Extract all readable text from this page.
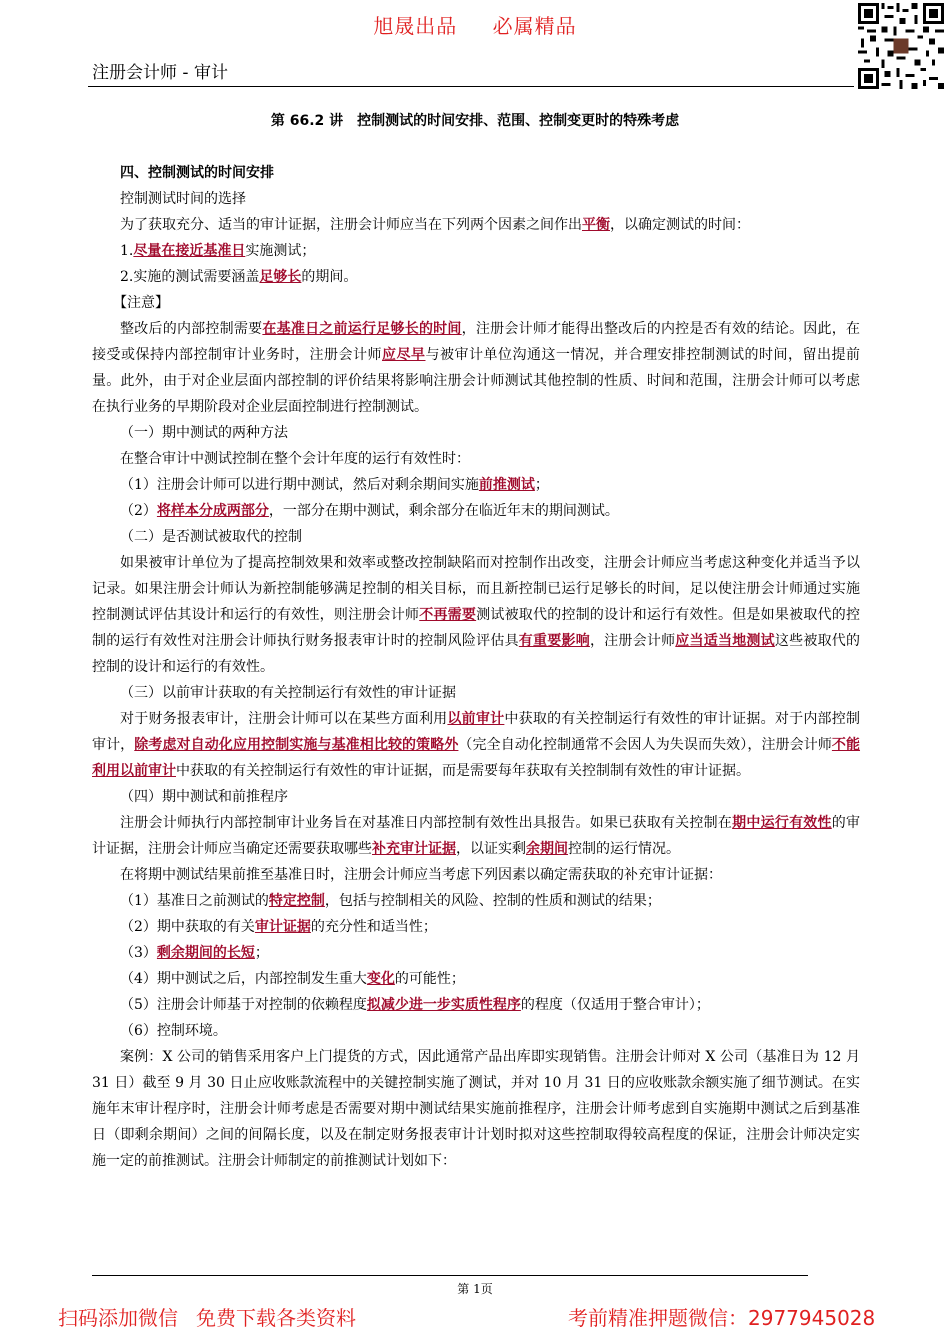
旭晟出品 必属精品
注册会计师 - 审计
第 66.2 讲　控制测试的时间安排、范围、控制变更时的特殊考虑

四、控制测试的时间安排

控制测试时间的选择

为了获取充分、适当的审计证据，注册会计师应当在下列两个因素之间作出平衡，以确定测试的时间：

1.尽量在接近基准日实施测试；

2.实施的测试需要涵盖足够长的期间。

【注意】

整改后的内部控制需要在基准日之前运行足够长的时间，注册会计师才能得出整改后的内控是否有效的结论。因此，在接受或保持内部控制审计业务时，注册会计师应尽早与被审计单位沟通这一情况，并合理安排控制测试的时间，留出提前量。此外，由于对企业层面内部控制的评价结果将影响注册会计师测试其他控制的性质、时间和范围，注册会计师可以考虑在执行业务的早期阶段对企业层面控制进行控制测试。

（一）期中测试的两种方法

在整合审计中测试控制在整个会计年度的运行有效性时：

（1）注册会计师可以进行期中测试，然后对剩余期间实施前推测试；

（2）将样本分成两部分，一部分在期中测试，剩余部分在临近年末的期间测试。

（二）是否测试被取代的控制

如果被审计单位为了提高控制效果和效率或整改控制缺陷而对控制作出改变，注册会计师应当考虑这种变化并适当予以记录。如果注册会计师认为新控制能够满足控制的相关目标，而且新控制已运行足够长的时间，足以使注册会计师通过实施控制测试评估其设计和运行的有效性，则注册会计师不再需要测试被取代的控制的设计和运行有效性。但是如果被取代的控制的运行有效性对注册会计师执行财务报表审计时的控制风险评估具有重要影响，注册会计师应当适当地测试这些被取代的控制的设计和运行的有效性。

（三）以前审计获取的有关控制运行有效性的审计证据

对于财务报表审计，注册会计师可以在某些方面利用以前审计中获取的有关控制运行有效性的审计证据。对于内部控制审计，除考虑对自动化应用控制实施与基准相比较的策略外（完全自动化控制通常不会因人为失误而失效），注册会计师不能利用以前审计中获取的有关控制运行有效性的审计证据，而是需要每年获取有关控制制有效性的审计证据。

（四）期中测试和前推程序

注册会计师执行内部控制审计业务旨在对基准日内部控制有效性出具报告。如果已获取有关控制在期中运行有效性的审计证据，注册会计师应当确定还需要获取哪些补充审计证据，以证实剩余期间控制的运行情况。

在将期中测试结果前推至基准日时，注册会计师应当考虑下列因素以确定需获取的补充审计证据：

（1）基准日之前测试的特定控制，包括与控制相关的风险、控制的性质和测试的结果；

（2）期中获取的有关审计证据的充分性和适当性；

（3）剩余期间的长短；

（4）期中测试之后，内部控制发生重大变化的可能性；

（5）注册会计师基于对控制的依赖程度拟减少进一步实质性程序的程度（仅适用于整合审计）；

（6）控制环境。

案例：X 公司的销售采用客户上门提货的方式，因此通常产品出库即实现销售。注册会计师对 X 公司（基准日为 12 月 31 日）截至 9 月 30 日止应收账款流程中的关键控制实施了测试，并对 10 月 31 日的应收账款余额实施了细节测试。在实施年末审计程序时，注册会计师考虑是否需要对期中测试结果实施前推程序，注册会计师考虑到自实施期中测试之后到基准日（即剩余期间）之间的间隔长度，以及在制定财务报表审计计划时拟对这些控制取得较高程度的保证，注册会计师决定实施一定的前推测试。注册会计师制定的前推测试计划如下：

第 1页
扫码添加微信 免费下载各类资料	考前精准押题微信：2977945028
